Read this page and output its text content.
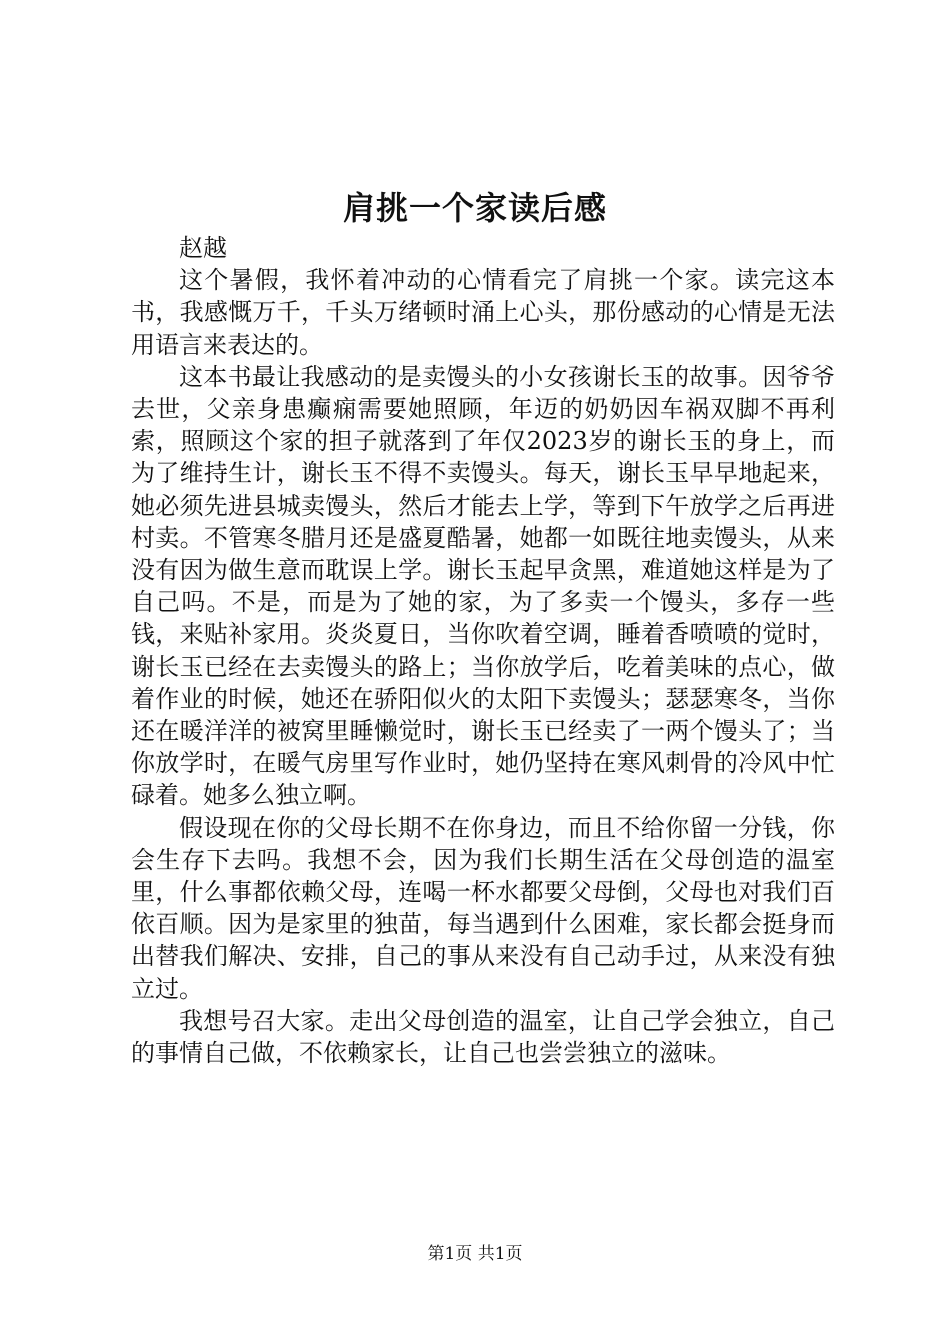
肩挑一个家读后感

赵越

这个暑假，我怀着冲动的心情看完了肩挑一个家。读完这本书，我感慨万千，千头万绪顿时涌上心头，那份感动的心情是无法用语言来表达的。

这本书最让我感动的是卖馒头的小女孩谢长玉的故事。因爷爷去世，父亲身患癫痫需要她照顾，年迈的奶奶因车祸双脚不再利索，照顾这个家的担子就落到了年仅2023岁的谢长玉的身上，而为了维持生计，谢长玉不得不卖馒头。每天，谢长玉早早地起来，她必须先进县城卖馒头，然后才能去上学，等到下午放学之后再进村卖。不管寒冬腊月还是盛夏酷暑，她都一如既往地卖馒头，从来没有因为做生意而耽误上学。谢长玉起早贪黑，难道她这样是为了自己吗。不是，而是为了她的家，为了多卖一个馒头，多存一些钱，来贴补家用。炎炎夏日，当你吹着空调，睡着香喷喷的觉时，谢长玉已经在去卖馒头的路上；当你放学后，吃着美味的点心，做着作业的时候，她还在骄阳似火的太阳下卖馒头；瑟瑟寒冬，当你还在暖洋洋的被窝里睡懒觉时，谢长玉已经卖了一两个馒头了；当你放学时，在暖气房里写作业时，她仍坚持在寒风刺骨的冷风中忙碌着。她多么独立啊。

假设现在你的父母长期不在你身边，而且不给你留一分钱，你会生存下去吗。我想不会，因为我们长期生活在父母创造的温室里，什么事都依赖父母，连喝一杯水都要父母倒，父母也对我们百依百顺。因为是家里的独苗，每当遇到什么困难，家长都会挺身而出替我们解决、安排，自己的事从来没有自己动手过，从来没有独立过。

我想号召大家。走出父母创造的温室，让自己学会独立，自己的事情自己做，不依赖家长，让自己也尝尝独立的滋味。

第1页 共1页
